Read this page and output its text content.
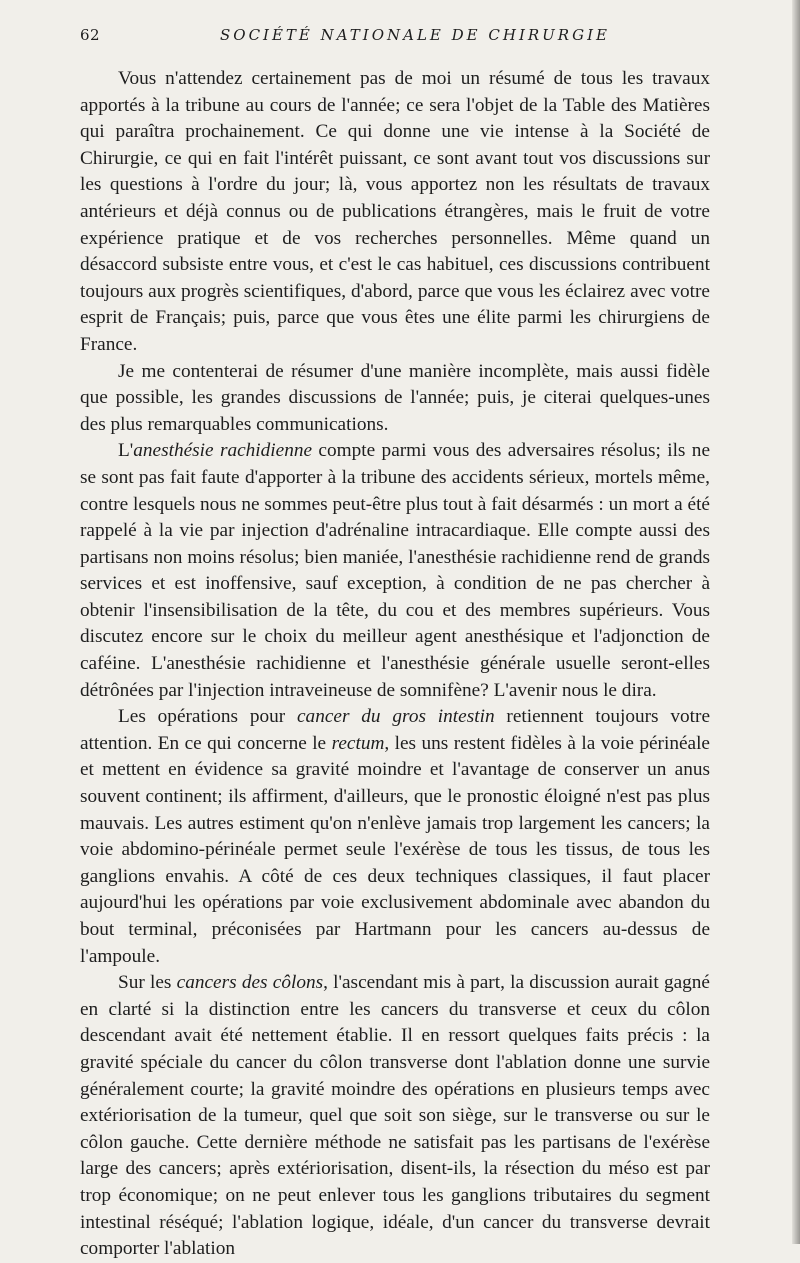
62	SOCIÉTÉ NATIONALE DE CHIRURGIE

Vous n'attendez certainement pas de moi un résumé de tous les travaux apportés à la tribune au cours de l'année; ce sera l'objet de la Table des Matières qui paraîtra prochainement. Ce qui donne une vie intense à la Société de Chirurgie, ce qui en fait l'intérêt puissant, ce sont avant tout vos discussions sur les questions à l'ordre du jour; là, vous apportez non les résultats de travaux antérieurs et déjà connus ou de publications étrangères, mais le fruit de votre expérience pratique et de vos recherches personnelles. Même quand un désaccord subsiste entre vous, et c'est le cas habituel, ces discussions contribuent toujours aux progrès scientifiques, d'abord, parce que vous les éclairez avec votre esprit de Français; puis, parce que vous êtes une élite parmi les chirurgiens de France.

Je me contenterai de résumer d'une manière incomplète, mais aussi fidèle que possible, les grandes discussions de l'année; puis, je citerai quelques-unes des plus remarquables communications.

L'anesthésie rachidienne compte parmi vous des adversaires résolus; ils ne se sont pas fait faute d'apporter à la tribune des accidents sérieux, mortels même, contre lesquels nous ne sommes peut-être plus tout à fait désarmés : un mort a été rappelé à la vie par injection d'adrénaline intracardiaque. Elle compte aussi des partisans non moins résolus; bien maniée, l'anesthésie rachidienne rend de grands services et est inoffensive, sauf exception, à condition de ne pas chercher à obtenir l'insensibilisation de la tête, du cou et des membres supérieurs. Vous discutez encore sur le choix du meilleur agent anesthésique et l'adjonction de caféine. L'anesthésie rachidienne et l'anesthésie générale usuelle seront-elles détrônées par l'injection intraveineuse de somnifène? L'avenir nous le dira.

Les opérations pour cancer du gros intestin retiennent toujours votre attention. En ce qui concerne le rectum, les uns restent fidèles à la voie périnéale et mettent en évidence sa gravité moindre et l'avantage de conserver un anus souvent continent; ils affirment, d'ailleurs, que le pronostic éloigné n'est pas plus mauvais. Les autres estiment qu'on n'enlève jamais trop largement les cancers; la voie abdomino-périnéale permet seule l'exérèse de tous les tissus, de tous les ganglions envahis. A côté de ces deux techniques classiques, il faut placer aujourd'hui les opérations par voie exclusivement abdominale avec abandon du bout terminal, préconisées par Hartmann pour les cancers au-dessus de l'ampoule.

Sur les cancers des côlons, l'ascendant mis à part, la discussion aurait gagné en clarté si la distinction entre les cancers du transverse et ceux du côlon descendant avait été nettement établie. Il en ressort quelques faits précis : la gravité spéciale du cancer du côlon transverse dont l'ablation donne une survie généralement courte; la gravité moindre des opérations en plusieurs temps avec extériorisation de la tumeur, quel que soit son siège, sur le transverse ou sur le côlon gauche. Cette dernière méthode ne satisfait pas les partisans de l'exérèse large des cancers; après extériorisation, disent-ils, la résection du méso est par trop économique; on ne peut enlever tous les ganglions tributaires du segment intestinal réséqué; l'ablation logique, idéale, d'un cancer du transverse devrait comporter l'ablation
